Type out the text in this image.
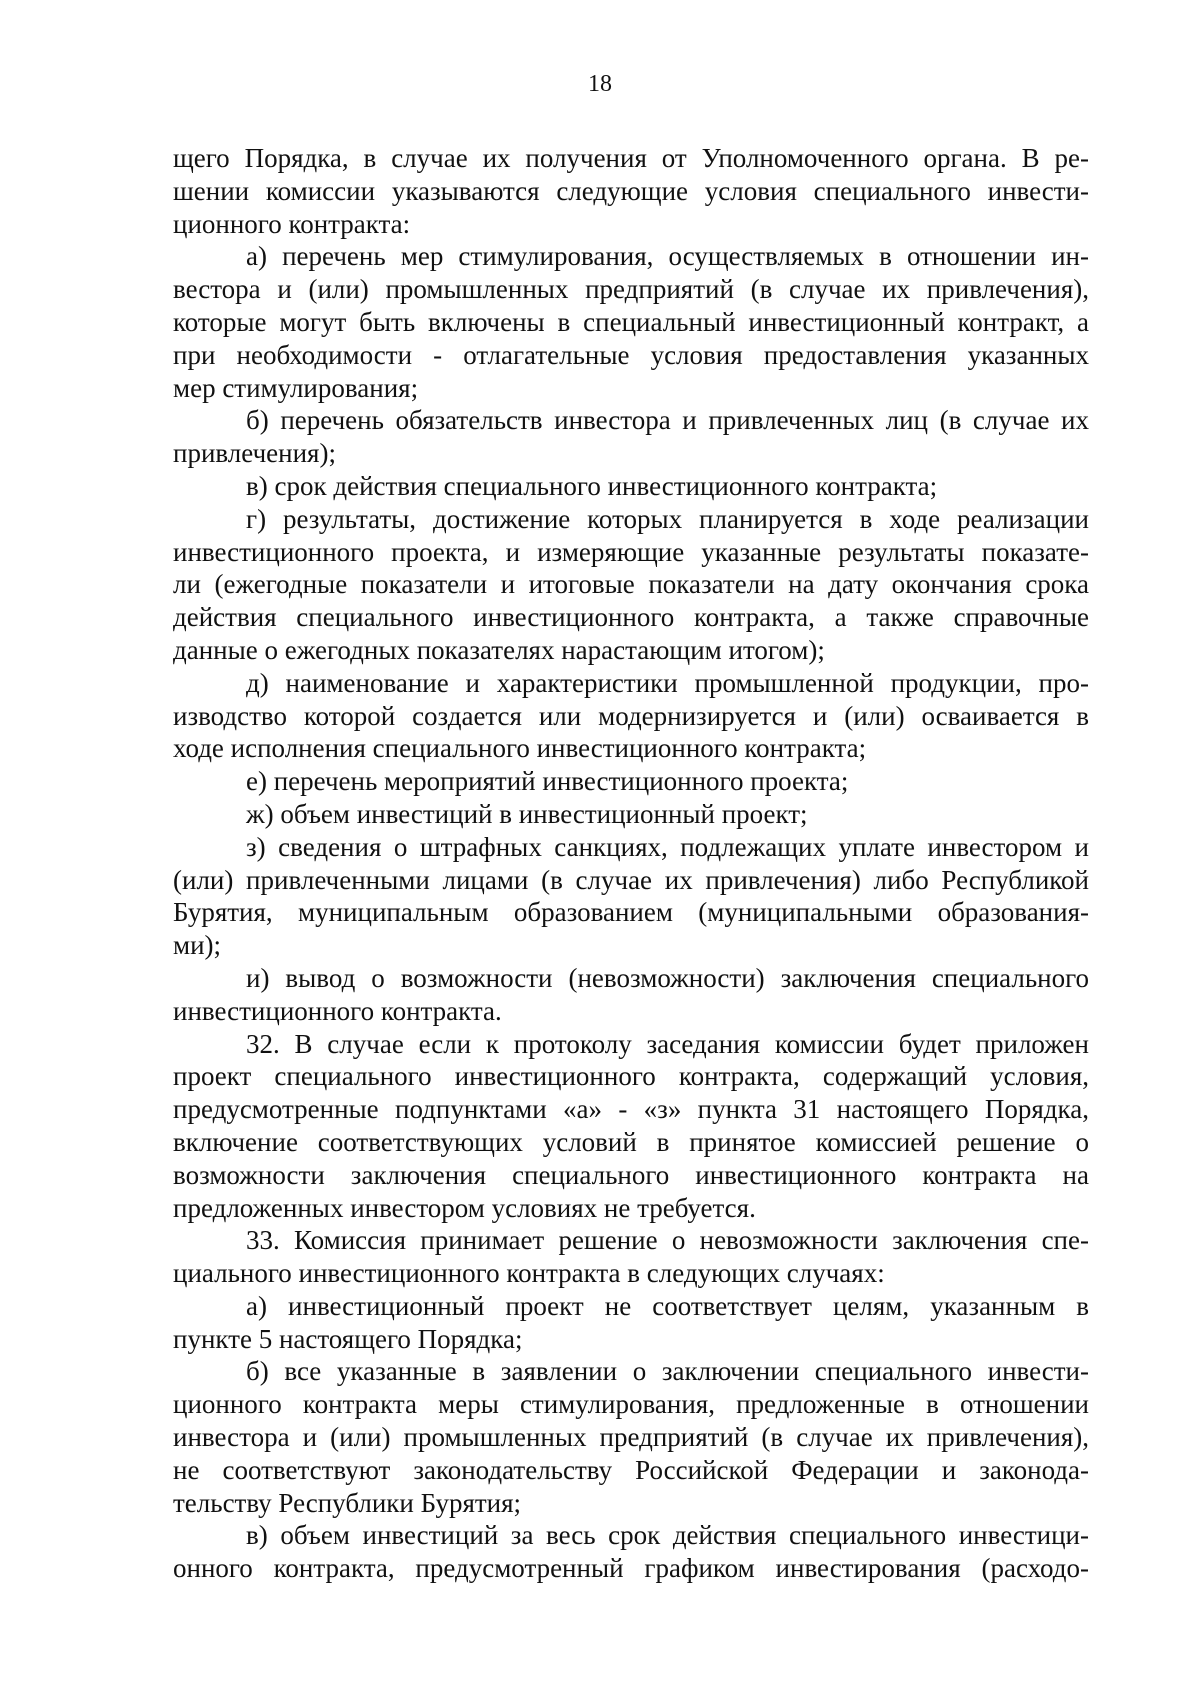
18

щего Порядка, в случае их получения от Уполномоченного органа. В ре-

шении комиссии указываются следующие условия специального инвести-

ционного контракта:

а) перечень мер стимулирования, осуществляемых в отношении ин-

вестора и (или) промышленных предприятий (в случае их привлечения),

которые могут быть включены в специальный инвестиционный контракт, а

при необходимости - отлагательные условия предоставления указанных

мер стимулирования;

б) перечень обязательств инвестора и привлеченных лиц (в случае их

привлечения);

в) срок действия специального инвестиционного контракта;

г) результаты, достижение которых планируется в ходе реализации

инвестиционного проекта, и измеряющие указанные результаты показате-

ли (ежегодные показатели и итоговые показатели на дату окончания срока

действия специального инвестиционного контракта, а также справочные

данные о ежегодных показателях нарастающим итогом);

д) наименование и характеристики промышленной продукции, про-

изводство которой создается или модернизируется и (или) осваивается в

ходе исполнения специального инвестиционного контракта;

е) перечень мероприятий инвестиционного проекта;

ж) объем инвестиций в инвестиционный проект;

з) сведения о штрафных санкциях, подлежащих уплате инвестором и

(или) привлеченными лицами (в случае их привлечения) либо Республикой

Бурятия, муниципальным образованием (муниципальными образования-

ми);

и) вывод о возможности (невозможности) заключения специального

инвестиционного контракта.

32. В случае если к протоколу заседания комиссии будет приложен

проект специального инвестиционного контракта, содержащий условия,

предусмотренные подпунктами «а» - «з» пункта 31 настоящего Порядка,

включение соответствующих условий в принятое комиссией решение о

возможности заключения специального инвестиционного контракта на

предложенных инвестором условиях не требуется.

33. Комиссия принимает решение о невозможности заключения спе-

циального инвестиционного контракта в следующих случаях:

а) инвестиционный проект не соответствует целям, указанным в

пункте 5 настоящего Порядка;

б) все указанные в заявлении о заключении специального инвести-

ционного контракта меры стимулирования, предложенные в отношении

инвестора и (или) промышленных предприятий (в случае их привлечения),

не соответствуют законодательству Российской Федерации и законода-

тельству Республики Бурятия;

в) объем инвестиций за весь срок действия специального инвестици-

онного контракта, предусмотренный графиком инвестирования (расходо-
